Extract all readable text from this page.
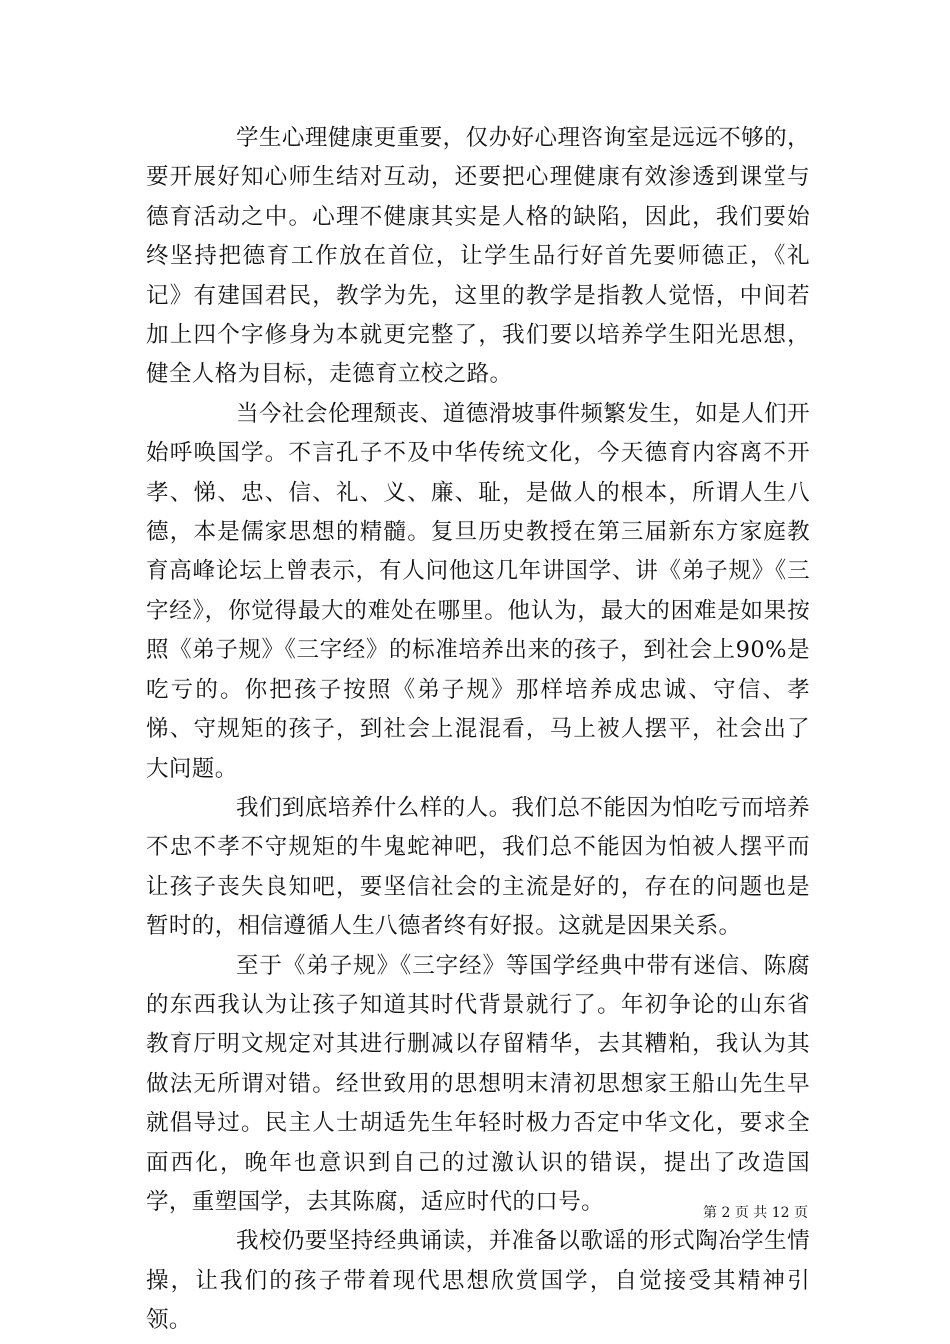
学生心理健康更重要，仅办好心理咨询室是远远不够的，要开展好知心师生结对互动，还要把心理健康有效渗透到课堂与德育活动之中。心理不健康其实是人格的缺陷，因此，我们要始终坚持把德育工作放在首位，让学生品行好首先要师德正，《礼记》有建国君民，教学为先，这里的教学是指教人觉悟，中间若加上四个字修身为本就更完整了，我们要以培养学生阳光思想，健全人格为目标，走德育立校之路。

当今社会伦理颓丧、道德滑坡事件频繁发生，如是人们开始呼唤国学。不言孔子不及中华传统文化，今天德育内容离不开孝、悌、忠、信、礼、义、廉、耻，是做人的根本，所谓人生八德，本是儒家思想的精髓。复旦历史教授在第三届新东方家庭教育高峰论坛上曾表示，有人问他这几年讲国学、讲《弟子规》《三字经》，你觉得最大的难处在哪里。他认为，最大的困难是如果按照《弟子规》《三字经》的标准培养出来的孩子，到社会上90%是吃亏的。你把孩子按照《弟子规》那样培养成忠诚、守信、孝悌、守规矩的孩子，到社会上混混看，马上被人摆平，社会出了大问题。

我们到底培养什么样的人。我们总不能因为怕吃亏而培养不忠不孝不守规矩的牛鬼蛇神吧，我们总不能因为怕被人摆平而让孩子丧失良知吧，要坚信社会的主流是好的，存在的问题也是暂时的，相信遵循人生八德者终有好报。这就是因果关系。

至于《弟子规》《三字经》等国学经典中带有迷信、陈腐的东西我认为让孩子知道其时代背景就行了。年初争论的山东省教育厅明文规定对其进行删减以存留精华，去其糟粕，我认为其做法无所谓对错。经世致用的思想明末清初思想家王船山先生早就倡导过。民主人士胡适先生年轻时极力否定中华文化，要求全面西化，晚年也意识到自己的过激认识的错误，提出了改造国学，重塑国学，去其陈腐，适应时代的口号。

我校仍要坚持经典诵读，并准备以歌谣的形式陶冶学生情操，让我们的孩子带着现代思想欣赏国学，自觉接受其精神引领。

第 2 页 共 12 页
